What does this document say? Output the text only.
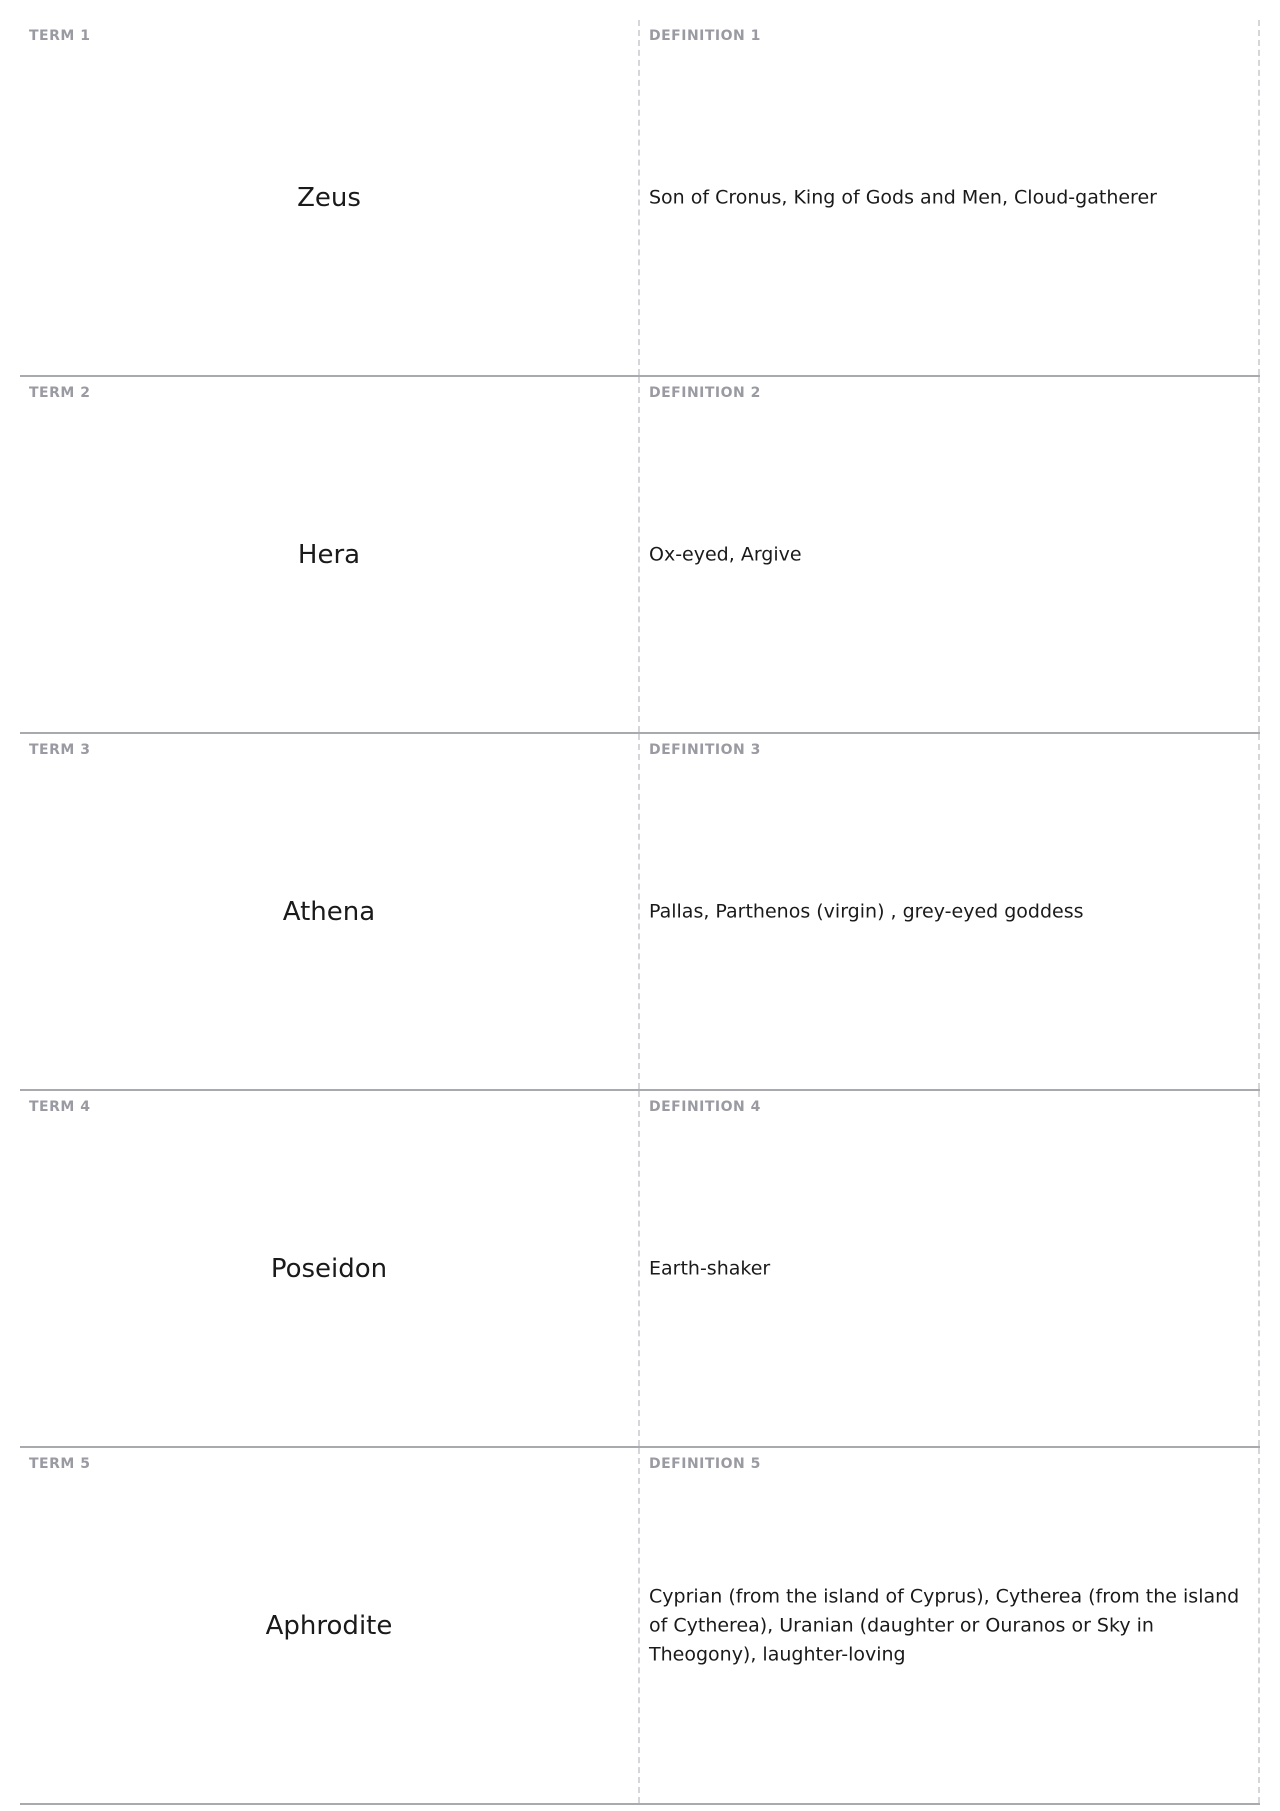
TERM 1
Zeus
DEFINITION 1
Son of Cronus, King of Gods and Men, Cloud-gatherer
TERM 2
Hera
DEFINITION 2
Ox-eyed, Argive
TERM 3
Athena
DEFINITION 3
Pallas, Parthenos (virgin) , grey-eyed goddess
TERM 4
Poseidon
DEFINITION 4
Earth-shaker
TERM 5
Aphrodite
DEFINITION 5
Cyprian (from the island of Cyprus), Cytherea (from the island of Cytherea), Uranian (daughter or Ouranos or Sky in Theogony), laughter-loving
